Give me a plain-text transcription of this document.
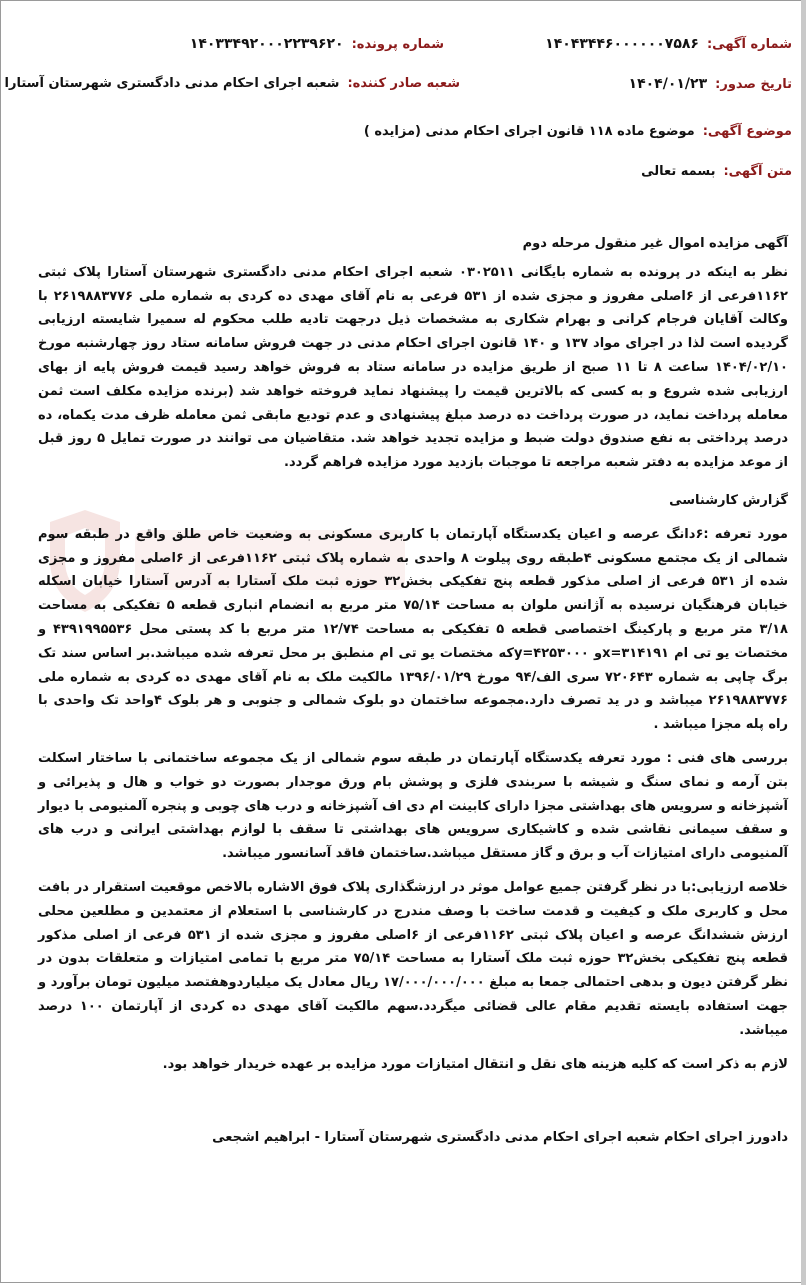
شماره آگهی:
۱۴۰۴۳۴۴۶۰۰۰۰۰۰۷۵۸۶
شماره پرونده:
۱۴۰۳۳۴۹۲۰۰۰۲۲۳۹۶۲۰
تاریخ صدور:
۱۴۰۴/۰۱/۲۳
شعبه صادر کننده:
شعبه اجرای احکام مدنی دادگستری شهرستان آستارا
موضوع آگهی:
موضوع ماده ۱۱۸ قانون اجرای احکام مدنی (مزایده )
متن آگهی:
بسمه تعالی

آگهی مزایده اموال غیر منقول مرحله دوم

نظر به اینکه در پرونده به شماره بایگانی ۰۳۰۲۵۱۱ شعبه اجرای احکام مدنی دادگستری شهرستان آستارا پلاک ثبتی ۱۱۶۲فرعی از ۶اصلی مفروز و مجزی شده از ۵۳۱ فرعی به نام آقای مهدی ده کردی به شماره ملی ۲۶۱۹۸۸۳۷۷۶ با وکالت آقایان فرجام کرانی و بهرام شکاری به مشخصات ذیل درجهت تادیه طلب محکوم له سمیرا شایسته ارزیابی گردیده است لذا در اجرای مواد ۱۳۷ و ۱۴۰ قانون اجرای احکام مدنی در جهت فروش سامانه ستاد روز چهارشنبه مورخ ۱۴۰۴/۰۲/۱۰ ساعت ۸ تا ۱۱ صبح از طریق مزایده در سامانه ستاد به فروش خواهد رسید قیمت فروش پایه از بهای ارزیابی شده شروع و به کسی که بالاترین قیمت را پیشنهاد نماید فروخته خواهد شد (برنده مزایده مکلف است ثمن معامله پرداخت نماید، در صورت پرداخت ده درصد مبلغ پیشنهادی و عدم تودیع مابقی ثمن معامله ظرف مدت یکماه، ده درصد پرداختی به نفع صندوق دولت ضبط و مزایده تجدید خواهد شد. متقاضیان می توانند در صورت تمایل ۵ روز قبل از موعد مزایده به دفتر شعبه مراجعه تا موجبات بازدید مورد مزایده فراهم گردد.

گزارش کارشناسی

مورد تعرفه :۶دانگ عرصه و اعیان یکدستگاه آپارتمان با کاربری مسکونی به وضعیت خاص طلق واقع در طبقه سوم شمالی از یک مجتمع مسکونی ۴طبقه روی پیلوت ۸ واحدی به شماره پلاک ثبتی ۱۱۶۲فرعی از ۶اصلی مفروز و مجزی شده از ۵۳۱ فرعی از اصلی مذکور قطعه پنج تفکیکی بخش۳۲ حوزه ثبت ملک آستارا به آدرس آستارا خیابان اسکله خیابان فرهنگیان نرسیده به آژانس ملوان به مساحت ۷۵/۱۴ متر مربع به انضمام انباری قطعه ۵ تفکیکی به مساحت ۳/۱۸ متر مربع و پارکینگ اختصاصی قطعه ۵ تفکیکی به مساحت ۱۲/۷۴ متر مربع با کد پستی محل ۴۳۹۱۹۹۵۵۳۶ و مختصات یو تی ام x=۳۱۴۱۹۱و y=۴۲۵۳۰۰۰که مختصات یو تی ام منطبق بر محل تعرفه شده میباشد.بر اساس سند تک برگ چاپی به شماره ۷۲۰۶۴۳ سری الف/۹۴ مورخ ۱۳۹۶/۰۱/۲۹ مالکیت ملک به نام آقای مهدی ده کردی به شماره ملی ۲۶۱۹۸۸۳۷۷۶ میباشد و در ید تصرف دارد.مجموعه ساختمان دو بلوک شمالی و جنوبی و هر بلوک ۴واحد تک واحدی با راه پله مجزا میباشد .

بررسی های فنی : مورد تعرفه یکدستگاه آپارتمان در طبقه سوم شمالی از یک مجموعه ساختمانی با ساختار اسکلت بتن آرمه و نمای سنگ و شیشه با سربندی فلزی و پوشش بام ورق موجدار بصورت دو خواب و هال و پذیرائی و آشپزخانه و سرویس های بهداشتی مجزا دارای کابینت ام دی اف آشپزخانه و درب های چوبی و پنجره آلمنیومی با دیوار و سقف سیمانی نقاشی شده و کاشیکاری سرویس های بهداشتی تا سقف با لوازم بهداشتی ایرانی و درب های آلمنیومی دارای امتیازات آب و برق و گاز مستقل میباشد.ساختمان فاقد آسانسور میباشد.

خلاصه ارزیابی:با در نظر گرفتن جمیع عوامل موثر در ارزشگذاری پلاک فوق الاشاره بالاخص موقعیت استقرار در بافت محل و کاربری ملک و کیفیت و قدمت ساخت با وصف مندرج در کارشناسی با استعلام از معتمدین و مطلعین محلی ارزش ششدانگ عرصه و اعیان پلاک ثبتی ۱۱۶۲فرعی از ۶اصلی مفروز و مجزی شده از ۵۳۱ فرعی از اصلی مذکور قطعه پنج تفکیکی بخش۳۲ حوزه ثبت ملک آستارا به مساحت ۷۵/۱۴ متر مربع با تمامی امتیازات و متعلقات بدون در نظر گرفتن دیون و بدهی احتمالی جمعا به مبلغ ۱۷/۰۰۰/۰۰۰/۰۰۰ ریال معادل یک میلیاردوهفتصد میلیون تومان برآورد و جهت استفاده بایسته تقدیم مقام عالی قضائی میگردد.سهم مالکیت آقای مهدی ده کردی از آپارتمان ۱۰۰ درصد میباشد.

لازم به ذکر است که کلیه هزینه های نقل و انتقال امتیازات مورد مزایده بر عهده خریدار خواهد بود.

دادورز اجرای احکام شعبه اجرای احکام مدنی دادگستری شهرستان آستارا - ابراهیم اشجعی
